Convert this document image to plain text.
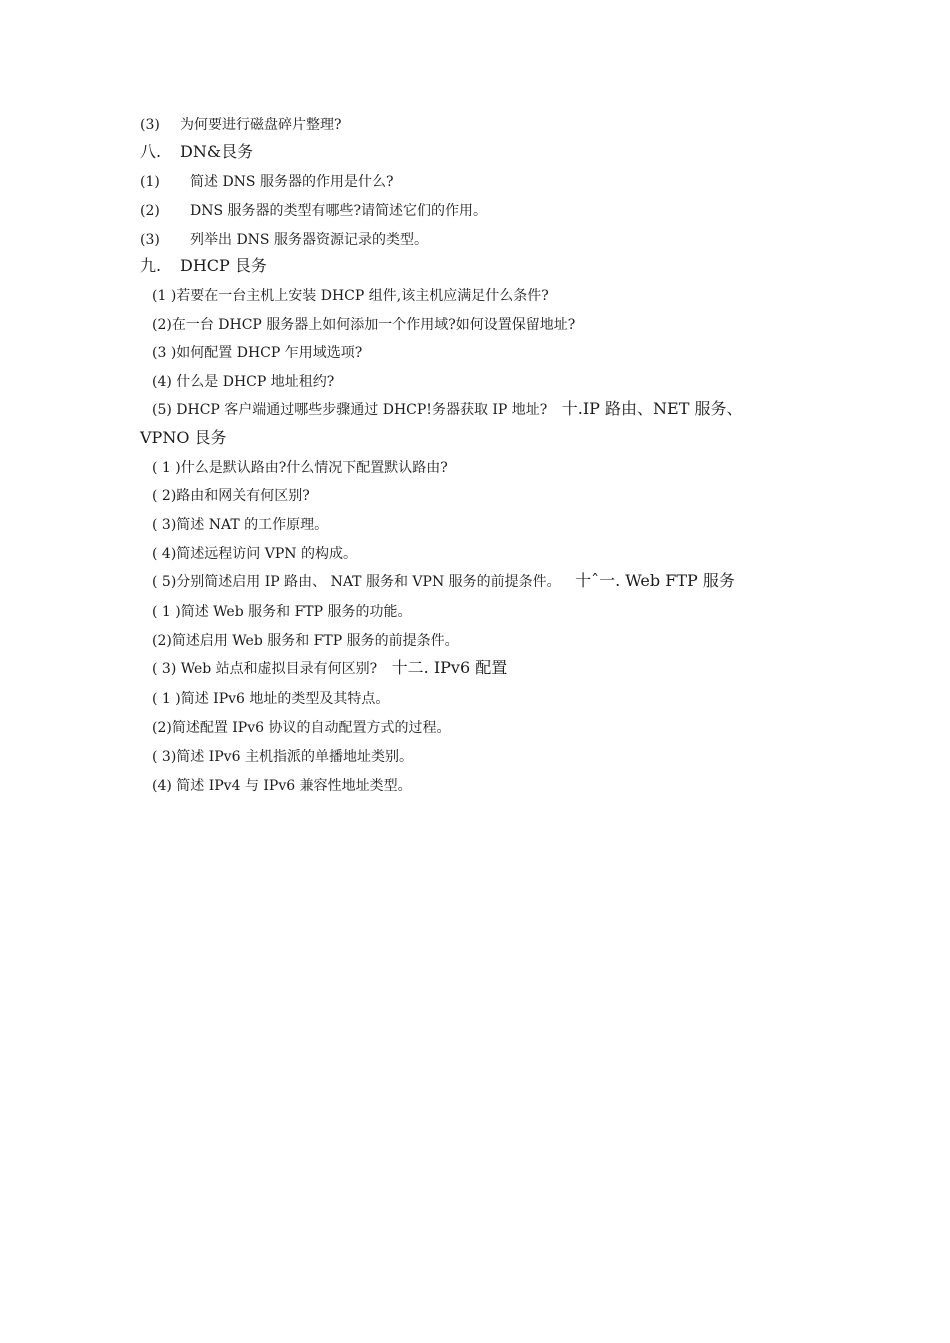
(3) 为何要进行磁盘碎片整理?
八. DN&艮务
(1) 简述 DNS 服务器的作用是什么?
(2) DNS 服务器的类型有哪些?请简述它们的作用。
(3) 列举出 DNS 服务器资源记录的类型。
九. DHCP 艮务
(1 )若要在一台主机上安装 DHCP 组件,该主机应满足什么条件?
(2)在一台 DHCP 服务器上如何添加一个作用域?如何设置保留地址?
(3 )如何配置 DHCP 乍用域选项?
(4) 什么是 DHCP 地址租约?
(5) DHCP 客户端通过哪些步骤通过 DHCP!务器获取 IP 地址? 十.IP 路由、NET 服务、
VPNO 艮务
( 1 )什么是默认路由?什么情况下配置默认路由?
( 2)路由和网关有何区别?
( 3)简述 NAT 的工作原理。
( 4)简述远程访问 VPN 的构成。
( 5)分别简述启用 IP 路由、 NAT 服务和 VPN 服务的前提条件。 十ˆ一. Web FTP 服务
( 1 )简述 Web 服务和 FTP 服务的功能。
(2)简述启用 Web 服务和 FTP 服务的前提条件。
( 3) Web 站点和虚拟目录有何区别? 十二. IPv6 配置
( 1 )简述 IPv6 地址的类型及其特点。
(2)简述配置 IPv6 协议的自动配置方式的过程。
( 3)简述 IPv6 主机指派的单播地址类别。
(4) 简述 IPv4 与 IPv6 兼容性地址类型。
